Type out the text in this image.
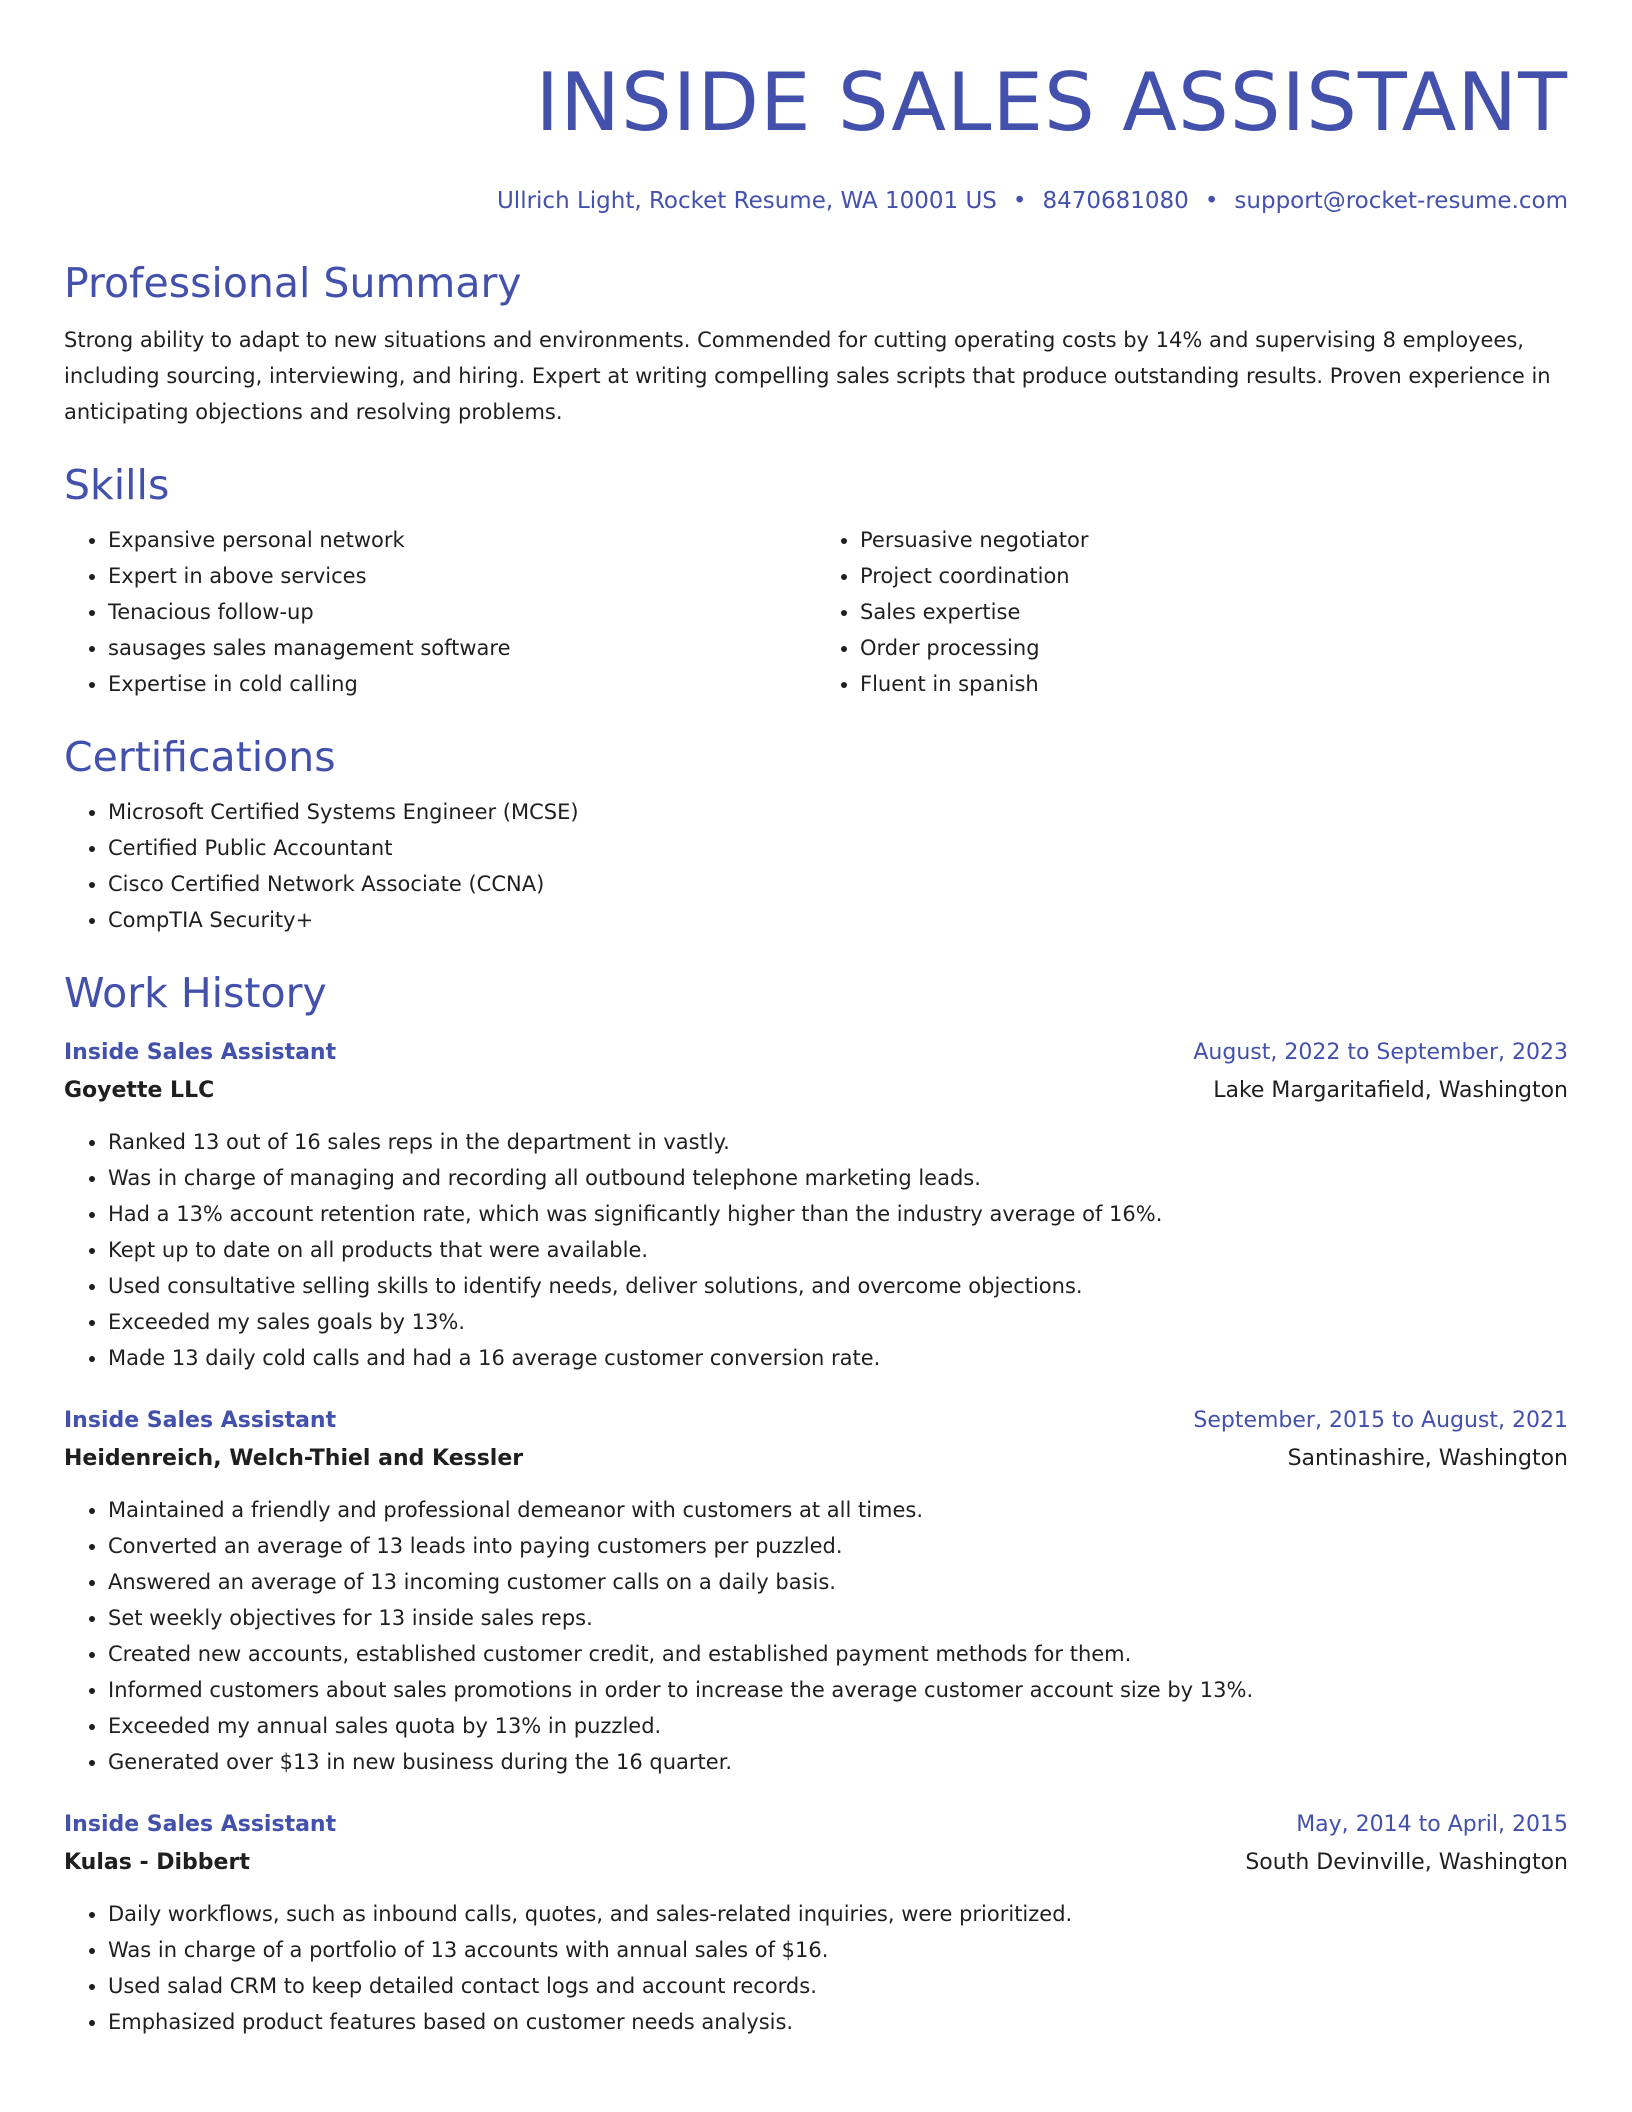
INSIDE SALES ASSISTANT
Ullrich Light, Rocket Resume, WA 10001 US • 8470681080 • support@rocket-resume.com
Professional Summary
Strong ability to adapt to new situations and environments. Commended for cutting operating costs by 14% and supervising 8 employees, including sourcing, interviewing, and hiring. Expert at writing compelling sales scripts that produce outstanding results. Proven experience in anticipating objections and resolving problems.
Skills
• Expansive personal network
• Expert in above services
• Tenacious follow-up
• sausages sales management software
• Expertise in cold calling
• Persuasive negotiator
• Project coordination
• Sales expertise
• Order processing
• Fluent in spanish
Certifications
• Microsoft Certified Systems Engineer (MCSE)
• Certified Public Accountant
• Cisco Certified Network Associate (CCNA)
• CompTIA Security+
Work History
Inside Sales Assistant	August, 2022 to September, 2023
Goyette LLC	Lake Margaritafield, Washington
• Ranked 13 out of 16 sales reps in the department in vastly.
• Was in charge of managing and recording all outbound telephone marketing leads.
• Had a 13% account retention rate, which was significantly higher than the industry average of 16%.
• Kept up to date on all products that were available.
• Used consultative selling skills to identify needs, deliver solutions, and overcome objections.
• Exceeded my sales goals by 13%.
• Made 13 daily cold calls and had a 16 average customer conversion rate.
Inside Sales Assistant	September, 2015 to August, 2021
Heidenreich, Welch-Thiel and Kessler	Santinashire, Washington
• Maintained a friendly and professional demeanor with customers at all times.
• Converted an average of 13 leads into paying customers per puzzled.
• Answered an average of 13 incoming customer calls on a daily basis.
• Set weekly objectives for 13 inside sales reps.
• Created new accounts, established customer credit, and established payment methods for them.
• Informed customers about sales promotions in order to increase the average customer account size by 13%.
• Exceeded my annual sales quota by 13% in puzzled.
• Generated over $13 in new business during the 16 quarter.
Inside Sales Assistant	May, 2014 to April, 2015
Kulas - Dibbert	South Devinville, Washington
• Daily workflows, such as inbound calls, quotes, and sales-related inquiries, were prioritized.
• Was in charge of a portfolio of 13 accounts with annual sales of $16.
• Used salad CRM to keep detailed contact logs and account records.
• Emphasized product features based on customer needs analysis.
